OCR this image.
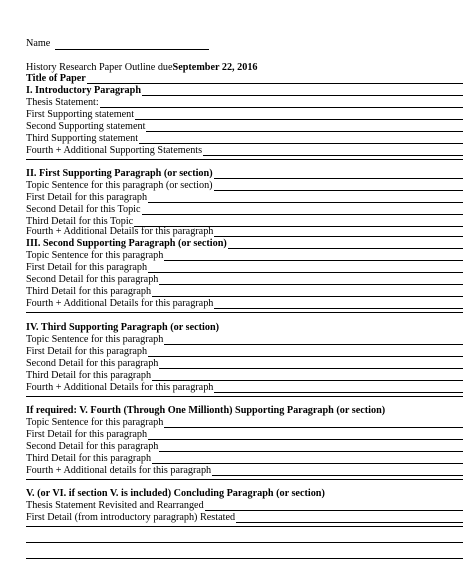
Name
History Research Paper Outline due September 22, 2016
Title of Paper
I. Introductory Paragraph
Thesis Statement:
First Supporting statement
Second Supporting statement
Third Supporting statement
Fourth + Additional Supporting Statements
II. First Supporting Paragraph (or section)
Topic Sentence for this paragraph (or section)
First Detail for this paragraph
Second Detail for this Topic
Third Detail for this Topic
Fourth + Additional Details for this paragraph
III. Second Supporting Paragraph (or section)
Topic Sentence for this paragraph
First Detail for this paragraph
Second Detail for this paragraph
Third Detail for this paragraph
Fourth + Additional Details for this paragraph
IV. Third Supporting Paragraph (or section)
Topic Sentence for this paragraph
First Detail for this paragraph
Second Detail for this paragraph
Third Detail for this paragraph
Fourth + Additional Details for this paragraph
If required: V. Fourth (Through One Millionth) Supporting Paragraph (or section)
Topic Sentence for this paragraph
First Detail for this paragraph
Second Detail for this paragraph
Third Detail for this paragraph
Fourth + Additional details for this paragraph
V. (or VI. if section V. is included) Concluding Paragraph (or section)
Thesis Statement Revisited and Rearranged
First Detail (from introductory paragraph) Restated
